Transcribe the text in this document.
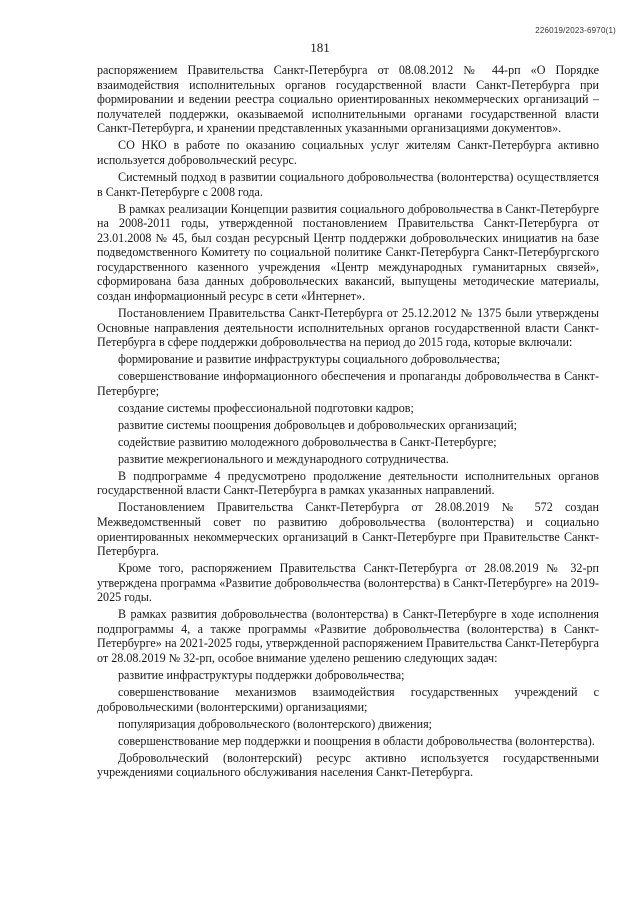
226019/2023-6970(1)
181

распоряжением Правительства Санкт-Петербурга от 08.08.2012 № 44-рп «О Порядке взаимодействия исполнительных органов государственной власти Санкт-Петербурга при формировании и ведении реестра социально ориентированных некоммерческих организаций – получателей поддержки, оказываемой исполнительными органами государственной власти Санкт-Петербурга, и хранении представленных указанными организациями документов».

СО НКО в работе по оказанию социальных услуг жителям Санкт-Петербурга активно используется добровольческий ресурс.

Системный подход в развитии социального добровольчества (волонтерства) осуществляется в Санкт-Петербурге с 2008 года.

В рамках реализации Концепции развития социального добровольчества в Санкт-Петербурге на 2008-2011 годы, утвержденной постановлением Правительства Санкт-Петербурга от 23.01.2008 № 45, был создан ресурсный Центр поддержки добровольческих инициатив на базе подведомственного Комитету по социальной политике Санкт-Петербурга Санкт-Петербургского государственного казенного учреждения «Центр международных гуманитарных связей», сформирована база данных добровольческих вакансий, выпущены методические материалы, создан информационный ресурс в сети «Интернет».

Постановлением Правительства Санкт-Петербурга от 25.12.2012 № 1375 были утверждены Основные направления деятельности исполнительных органов государственной власти Санкт-Петербурга в сфере поддержки добровольчества на период до 2015 года, которые включали:

формирование и развитие инфраструктуры социального добровольчества;

совершенствование информационного обеспечения и пропаганды добровольчества в Санкт-Петербурге;

создание системы профессиональной подготовки кадров;

развитие системы поощрения добровольцев и добровольческих организаций;

содействие развитию молодежного добровольчества в Санкт-Петербурге;

развитие межрегионального и международного сотрудничества.

В подпрограмме 4 предусмотрено продолжение деятельности исполнительных органов государственной власти Санкт-Петербурга в рамках указанных направлений.

Постановлением Правительства Санкт-Петербурга от 28.08.2019 № 572 создан Межведомственный совет по развитию добровольчества (волонтерства) и социально ориентированных некоммерческих организаций в Санкт-Петербурге при Правительстве Санкт-Петербурга.

Кроме того, распоряжением Правительства Санкт-Петербурга от 28.08.2019 № 32-рп утверждена программа «Развитие добровольчества (волонтерства) в Санкт-Петербурге» на 2019-2025 годы.

В рамках развития добровольчества (волонтерства) в Санкт-Петербурге в ходе исполнения подпрограммы 4, а также программы «Развитие добровольчества (волонтерства) в Санкт-Петербурге» на 2021-2025 годы, утвержденной распоряжением Правительства Санкт-Петербурга от 28.08.2019 № 32-рп, особое внимание уделено решению следующих задач:

развитие инфраструктуры поддержки добровольчества;

совершенствование механизмов взаимодействия государственных учреждений с добровольческими (волонтерскими) организациями;

популяризация добровольческого (волонтерского) движения;

совершенствование мер поддержки и поощрения в области добровольчества (волонтерства).

Добровольческий (волонтерский) ресурс активно используется государственными учреждениями социального обслуживания населения Санкт-Петербурга.
